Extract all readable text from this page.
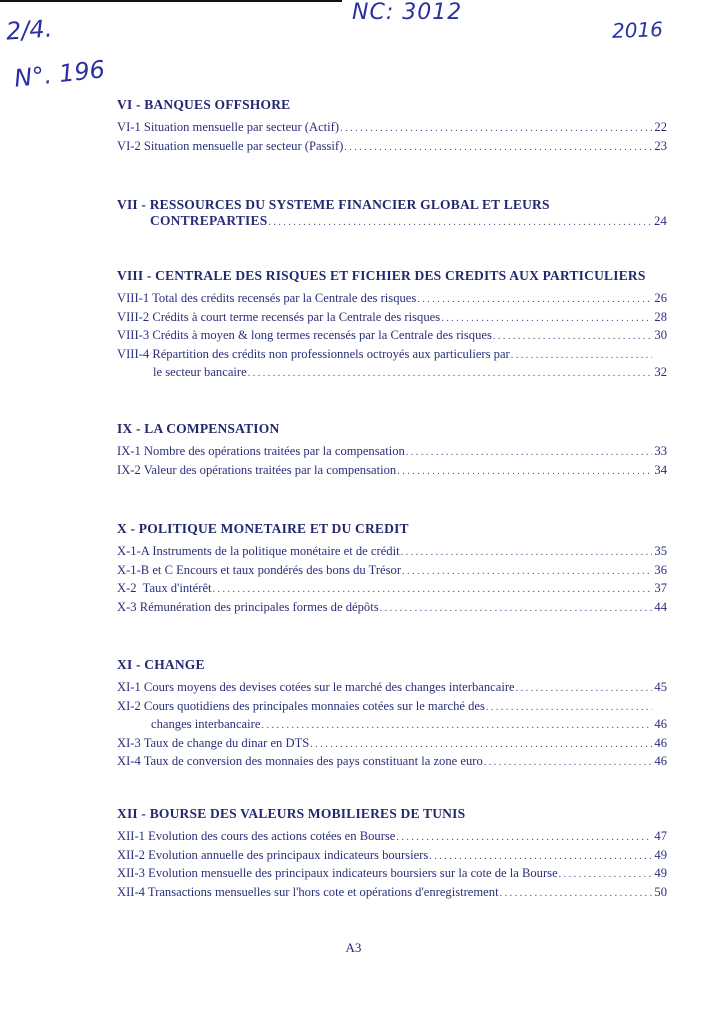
2/4.
N°. 196
NC: 3012
2016
VI - BANQUES OFFSHORE
VI-1 Situation mensuelle par secteur (Actif) . . .	22
VI-2 Situation mensuelle par secteur (Passif) . . .	23
VII - RESSOURCES DU SYSTEME FINANCIER GLOBAL ET LEURS
CONTREPARTIES . . .	24
VIII - CENTRALE DES RISQUES ET FICHIER DES CREDITS AUX PARTICULIERS
VIII-1 Total des crédits recensés par la Centrale des risques . . .	26
VIII-2 Crédits à court terme recensés par la Centrale des risques . . .	28
VIII-3 Crédits à moyen & long termes recensés par la Centrale des risques . . .	30
VIII-4 Répartition des crédits non professionnels octroyés aux particuliers par
. . .
le secteur bancaire . . .	32
IX - LA COMPENSATION
IX-1 Nombre des opérations traitées par la compensation . . .	33
IX-2 Valeur des opérations traitées par la compensation . . .	34
X - POLITIQUE MONETAIRE ET DU CREDIT
X-1-A Instruments de la politique monétaire et de crédit . . .	35
X-1-B et C Encours et taux pondérés des bons du Trésor . . .	36
X-2  Taux d'intérêt . . .	37
X-3 Rémunération des principales formes de dépôts . . .	44
XI - CHANGE
XI-1 Cours moyens des devises cotées sur le marché des changes interbancaire . . .	45
XI-2 Cours quotidiens des principales monnaies cotées sur le marché des
. . .
changes interbancaire . . .	46
XI-3 Taux de change du dinar en DTS . . .	46
XI-4 Taux de conversion des monnaies des pays constituant la zone euro . . .	46
XII - BOURSE DES VALEURS MOBILIERES DE TUNIS
XII-1 Evolution des cours des actions cotées en Bourse . . .	47
XII-2 Evolution annuelle des principaux indicateurs boursiers . . .	49
XII-3 Evolution mensuelle des principaux indicateurs boursiers sur la cote de la Bourse . . .	49
XII-4 Transactions mensuelles sur l'hors cote et opérations d'enregistrement . . .	50
A3
